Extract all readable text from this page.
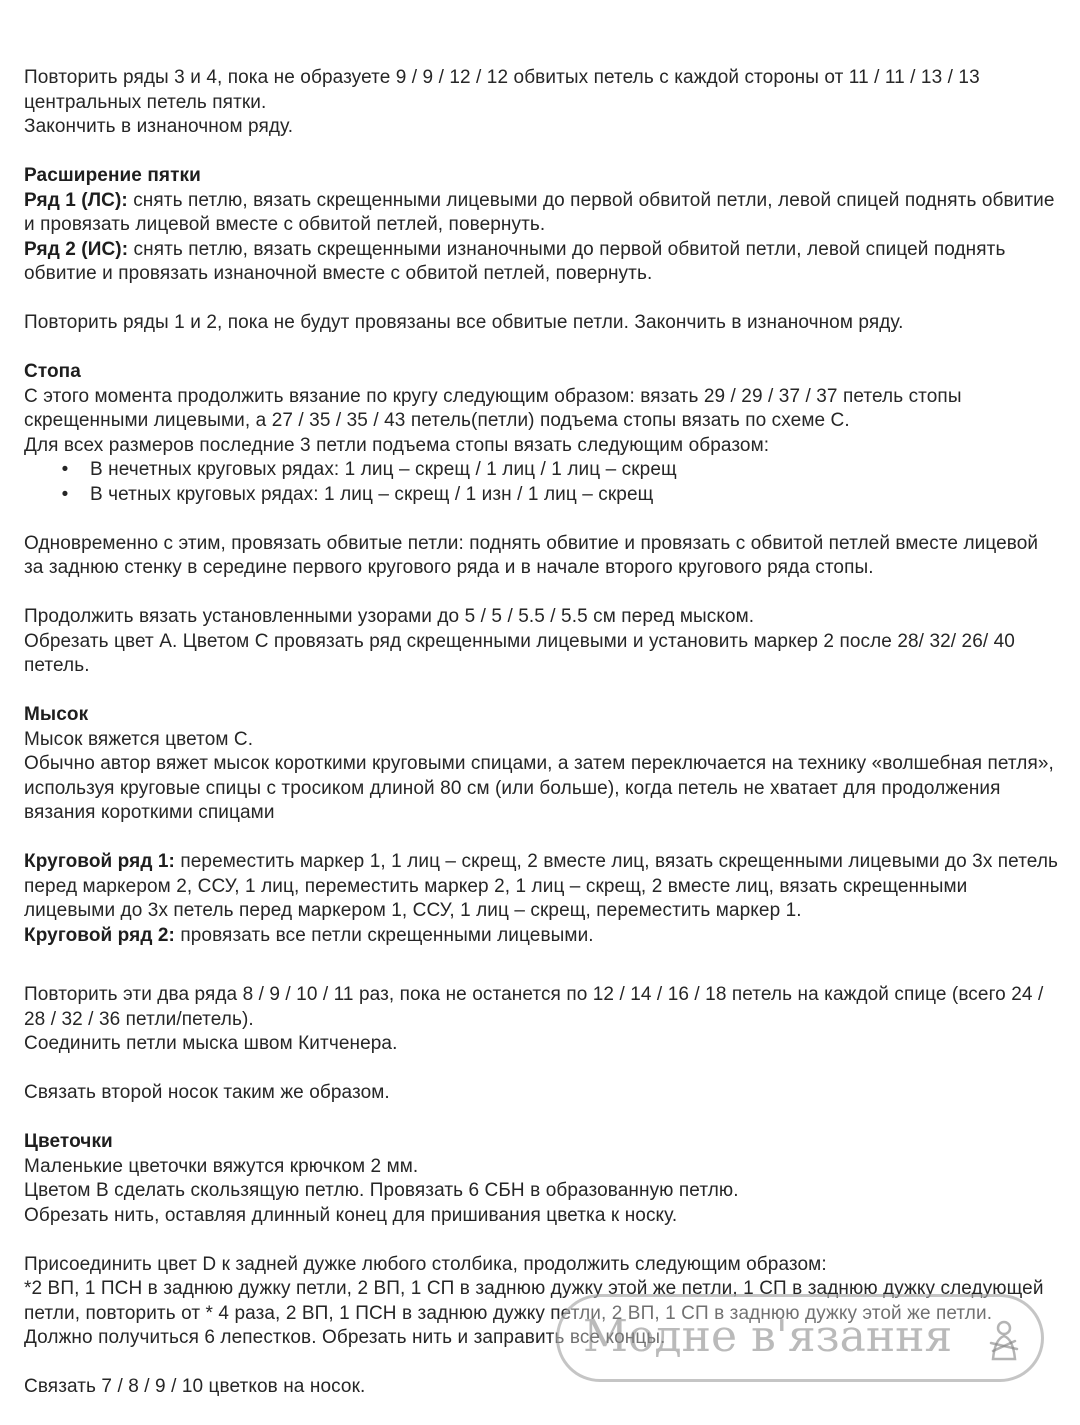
Повторить ряды 3 и 4, пока не образуете 9 / 9 / 12 / 12 обвитых петель с каждой стороны от 11 / 11 / 13 / 13 центральных петель пятки.

Закончить в изнаночном ряду.

Расширение пятки

Ряд 1 (ЛС): снять петлю, вязать скрещенными лицевыми до первой обвитой петли, левой спицей поднять обвитие и провязать лицевой вместе с обвитой петлей, повернуть.

Ряд 2 (ИС): снять петлю, вязать скрещенными изнаночными до первой обвитой петли, левой спицей поднять обвитие и провязать изнаночной вместе с обвитой петлей, повернуть.

Повторить ряды 1 и 2, пока не будут провязаны все обвитые петли. Закончить в изнаночном ряду.

Стопа

С этого момента продолжить вязание по кругу следующим образом: вязать 29 / 29 / 37 / 37 петель стопы скрещенными лицевыми, а 27 / 35 / 35 / 43 петель(петли) подъема стопы вязать по схеме С.

Для всех размеров последние 3 петли подъема стопы вязать следующим образом:

• В нечетных круговых рядах: 1 лиц – скрещ / 1 лиц / 1 лиц – скрещ
• В четных круговых рядах: 1 лиц – скрещ / 1 изн / 1 лиц – скрещ

Одновременно с этим, провязать обвитые петли: поднять обвитие и провязать с обвитой петлей вместе лицевой за заднюю стенку в середине первого кругового ряда и в начале второго кругового ряда стопы.

Продолжить вязать установленными узорами до 5 / 5 / 5.5 / 5.5 см перед мыском.

Обрезать цвет А. Цветом С провязать ряд скрещенными лицевыми и установить маркер 2 после 28/ 32/ 26/ 40 петель.

Мысок

Мысок вяжется цветом С.

Обычно автор вяжет мысок короткими круговыми спицами, а затем переключается на технику «волшебная петля», используя круговые спицы с тросиком длиной 80 см (или больше), когда петель не хватает для продолжения вязания короткими спицами

Круговой ряд 1: переместить маркер 1, 1 лиц – скрещ, 2 вместе лиц, вязать скрещенными лицевыми до 3х петель перед маркером 2, ССУ, 1 лиц, переместить маркер 2, 1 лиц – скрещ, 2 вместе лиц, вязать скрещенными лицевыми до 3х петель перед маркером 1, ССУ, 1 лиц – скрещ, переместить маркер 1.

Круговой ряд 2: провязать все петли скрещенными лицевыми.

Повторить эти два ряда 8 / 9 / 10 / 11 раз, пока не останется по 12 / 14 / 16 / 18 петель на каждой спице (всего 24 / 28 / 32 / 36 петли/петель).

Соединить петли мыска швом Китченера.

Связать второй носок таким же образом.

Цветочки

Маленькие цветочки вяжутся крючком 2 мм.

Цветом В сделать скользящую петлю. Провязать 6 СБН в образованную петлю.

Обрезать нить, оставляя длинный конец для пришивания цветка к носку.

Присоединить цвет D к задней дужке любого столбика, продолжить следующим образом:

*2 ВП, 1 ПСН в заднюю дужку петли, 2 ВП, 1 СП в заднюю дужку этой же петли, 1 СП в заднюю дужку следующей петли, повторить от * 4 раза, 2 ВП, 1 ПСН в заднюю дужку петли, 2 ВП, 1 СП в заднюю дужку этой же петли.

Должно получиться 6 лепестков. Обрезать нить и заправить все концы.

Связать 7 / 8 / 9 / 10 цветков на носок.

Модне в'язання
